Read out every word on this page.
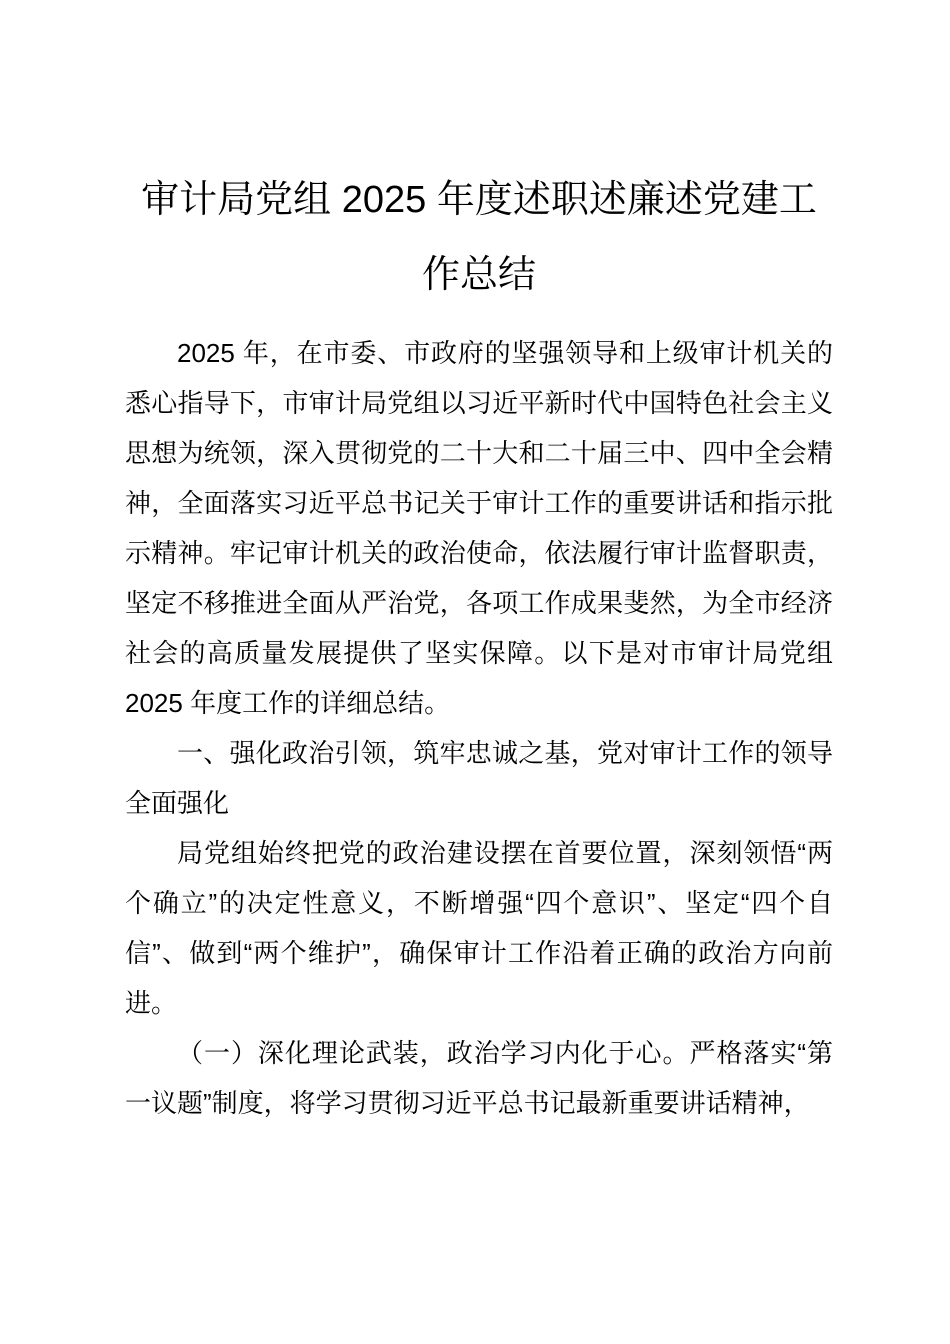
审计局党组 2025 年度述职述廉述党建工作总结

2025 年，在市委、市政府的坚强领导和上级审计机关的悉心指导下，市审计局党组以习近平新时代中国特色社会主义思想为统领，深入贯彻党的二十大和二十届三中、四中全会精神，全面落实习近平总书记关于审计工作的重要讲话和指示批示精神。牢记审计机关的政治使命，依法履行审计监督职责，坚定不移推进全面从严治党，各项工作成果斐然，为全市经济社会的高质量发展提供了坚实保障。以下是对市审计局党组 2025 年度工作的详细总结。

一、强化政治引领，筑牢忠诚之基，党对审计工作的领导全面强化

局党组始终把党的政治建设摆在首要位置，深刻领悟“两个确立”的决定性意义，不断增强“四个意识”、坚定“四个自信”、做到“两个维护”，确保审计工作沿着正确的政治方向前进。

（一）深化理论武装，政治学习内化于心。严格落实“第一议题”制度，将学习贯彻习近平总书记最新重要讲话精神，
